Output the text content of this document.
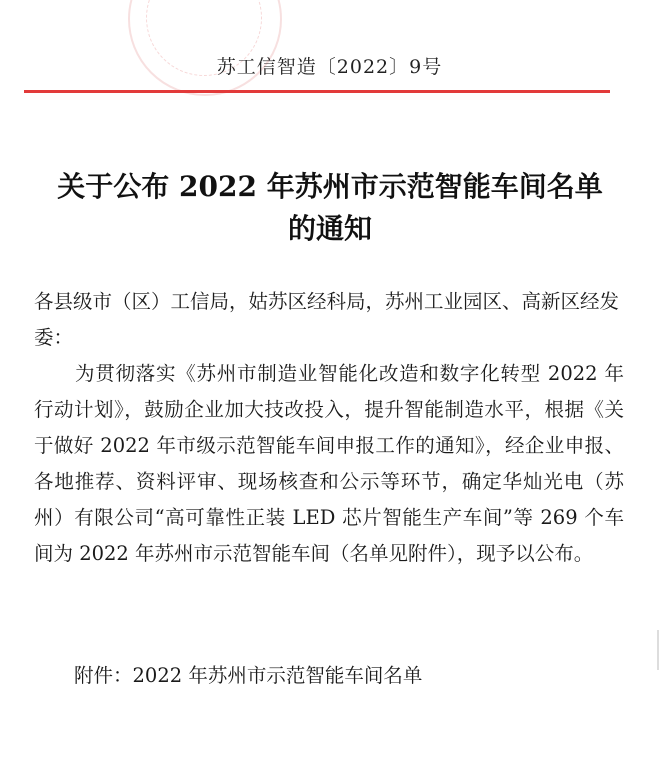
苏工信智造〔2022〕9号
关于公布 2022 年苏州市示范智能车间名单
的通知

各县级市（区）工信局，姑苏区经科局，苏州工业园区、高新区经发委：

为贯彻落实《苏州市制造业智能化改造和数字化转型 2022 年行动计划》，鼓励企业加大技改投入，提升智能制造水平，根据《关于做好 2022 年市级示范智能车间申报工作的通知》，经企业申报、各地推荐、资料评审、现场核查和公示等环节，确定华灿光电（苏州）有限公司“高可靠性正装 LED 芯片智能生产车间”等 269 个车间为 2022 年苏州市示范智能车间（名单见附件），现予以公布。

附件：2022 年苏州市示范智能车间名单
